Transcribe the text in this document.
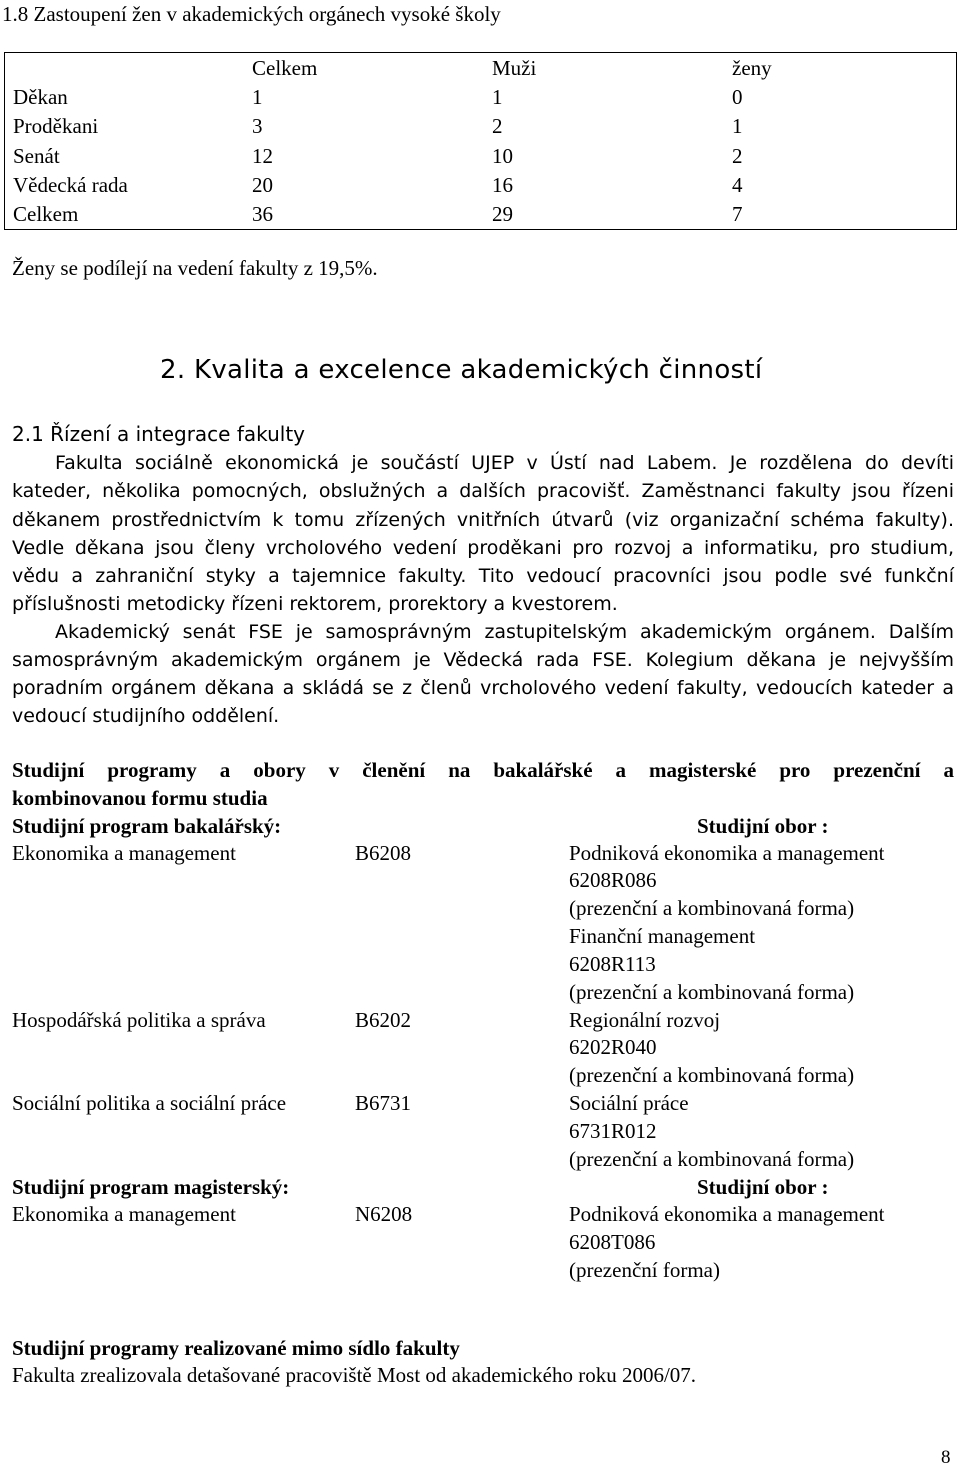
1.8 Zastoupení žen v akademických orgánech vysoké školy
	Celkem	Muži	ženy
Děkan	1	1	0
Proděkani	3	2	1
Senát	12	10	2
Vědecká rada	20	16	4
Celkem	36	29	7
Ženy se podílejí na vedení fakulty z 19,5%.
2. Kvalita a excelence akademických činností
2.1 Řízení a integrace fakulty
Fakulta sociálně ekonomická je součástí UJEP v Ústí nad Labem. Je rozdělena do devíti
kateder, několika pomocných, obslužných a dalších pracovišť. Zaměstnanci fakulty jsou řízeni
děkanem prostřednictvím k tomu zřízených vnitřních útvarů (viz organizační schéma fakulty).
Vedle děkana jsou členy vrcholového vedení proděkani pro rozvoj a informatiku, pro studium,
vědu a zahraniční styky a tajemnice fakulty. Tito vedoucí pracovníci jsou podle své funkční
příslušnosti metodicky řízeni rektorem, prorektory a kvestorem.
Akademický senát FSE je samosprávným zastupitelským akademickým orgánem. Dalším
samosprávným akademickým orgánem je Vědecká rada FSE. Kolegium děkana je nejvyšším
poradním orgánem děkana a skládá se z členů vrcholového vedení fakulty, vedoucích kateder a
vedoucí studijního oddělení.
Studijní programy a obory v členění na bakalářské a magisterské pro prezenční a
kombinovanou formu studia
Studijní program bakalářský:	Studijní obor :
Ekonomika a management	B6208	Podniková ekonomika a management
6208R086
(prezenční a kombinovaná forma)
Finanční management
6208R113
(prezenční a kombinovaná forma)
Hospodářská politika a správa	B6202	Regionální rozvoj
6202R040
(prezenční a kombinovaná forma)
Sociální politika a sociální práce	B6731	Sociální práce
6731R012
(prezenční a kombinovaná forma)
Studijní program magisterský:	Studijní obor :
Ekonomika a management	N6208	Podniková ekonomika a management
6208T086
(prezenční forma)
Studijní programy realizované mimo sídlo fakulty
Fakulta zrealizovala detašované pracoviště Most od akademického roku 2006/07.
8
